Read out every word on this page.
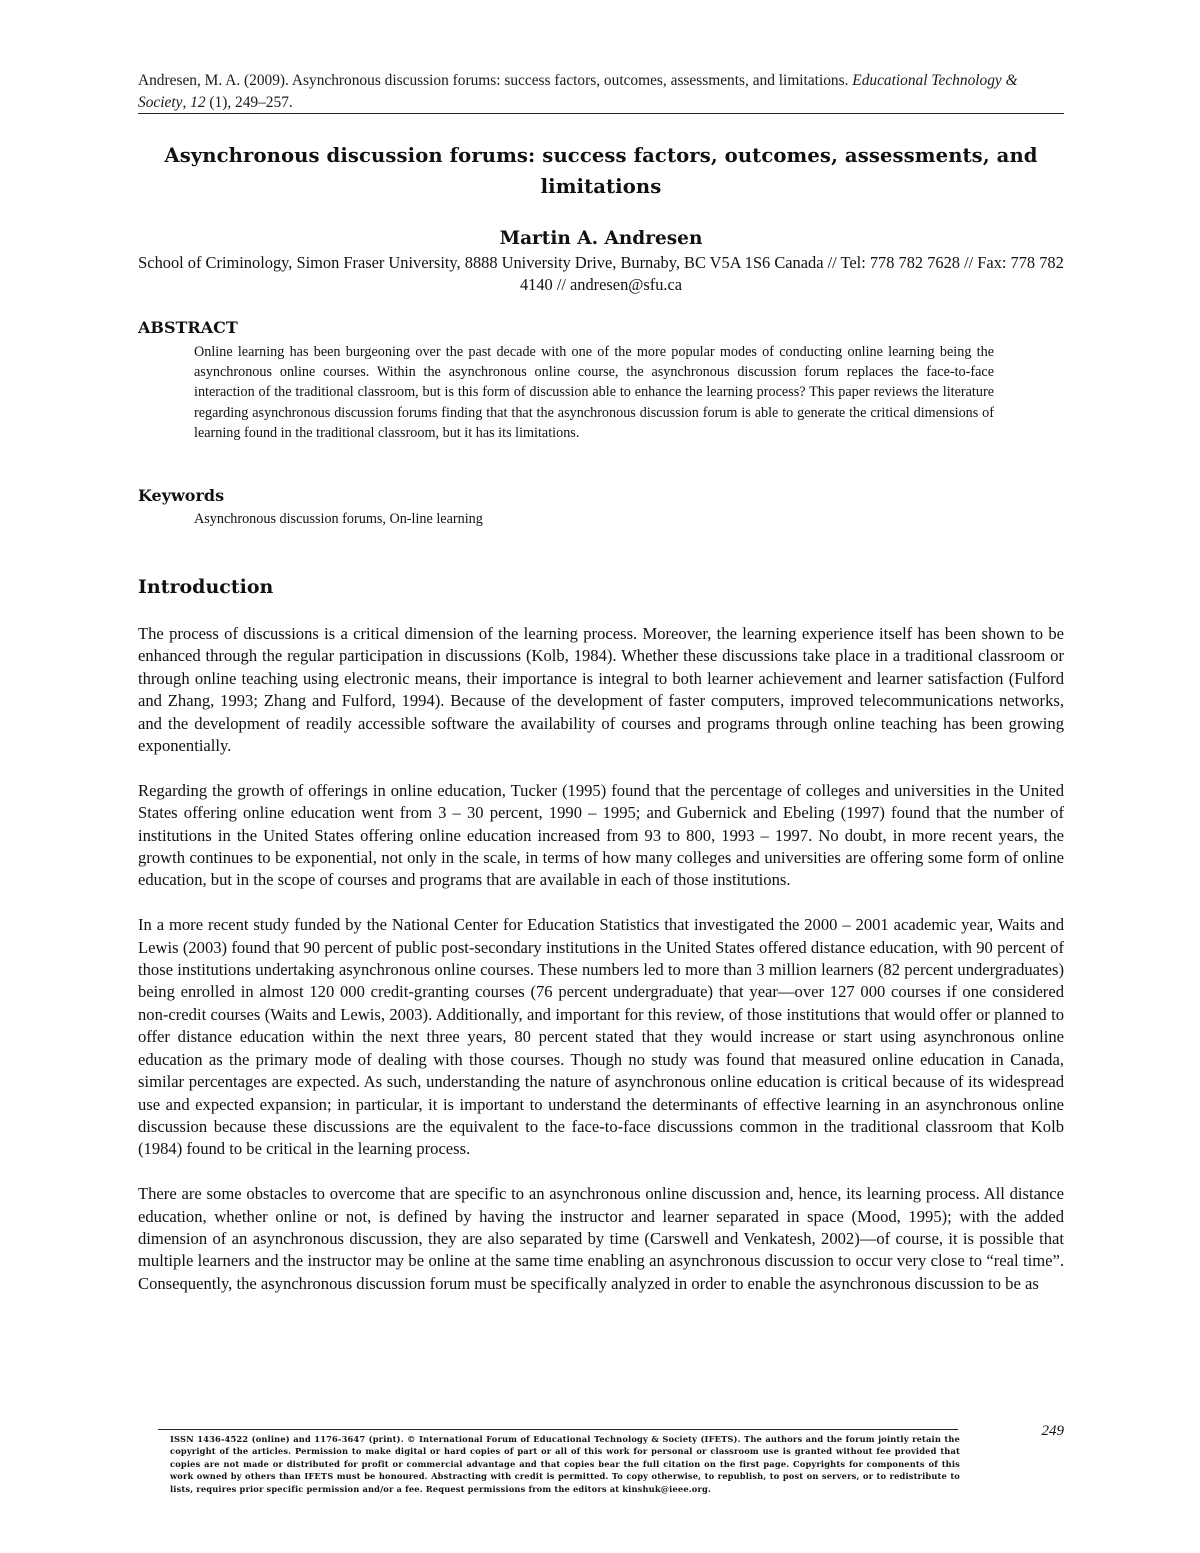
Andresen, M. A. (2009). Asynchronous discussion forums: success factors, outcomes, assessments, and limitations. Educational Technology & Society, 12 (1), 249–257.
Asynchronous discussion forums: success factors, outcomes, assessments, and limitations
Martin A. Andresen
School of Criminology, Simon Fraser University, 8888 University Drive, Burnaby, BC V5A 1S6 Canada // Tel: 778 782 7628 // Fax: 778 782 4140 // andresen@sfu.ca
ABSTRACT
Online learning has been burgeoning over the past decade with one of the more popular modes of conducting online learning being the asynchronous online courses. Within the asynchronous online course, the asynchronous discussion forum replaces the face-to-face interaction of the traditional classroom, but is this form of discussion able to enhance the learning process? This paper reviews the literature regarding asynchronous discussion forums finding that that the asynchronous discussion forum is able to generate the critical dimensions of learning found in the traditional classroom, but it has its limitations.
Keywords
Asynchronous discussion forums, On-line learning
Introduction

The process of discussions is a critical dimension of the learning process. Moreover, the learning experience itself has been shown to be enhanced through the regular participation in discussions (Kolb, 1984). Whether these discussions take place in a traditional classroom or through online teaching using electronic means, their importance is integral to both learner achievement and learner satisfaction (Fulford and Zhang, 1993; Zhang and Fulford, 1994). Because of the development of faster computers, improved telecommunications networks, and the development of readily accessible software the availability of courses and programs through online teaching has been growing exponentially.

Regarding the growth of offerings in online education, Tucker (1995) found that the percentage of colleges and universities in the United States offering online education went from 3 – 30 percent, 1990 – 1995; and Gubernick and Ebeling (1997) found that the number of institutions in the United States offering online education increased from 93 to 800, 1993 – 1997. No doubt, in more recent years, the growth continues to be exponential, not only in the scale, in terms of how many colleges and universities are offering some form of online education, but in the scope of courses and programs that are available in each of those institutions.

In a more recent study funded by the National Center for Education Statistics that investigated the 2000 – 2001 academic year, Waits and Lewis (2003) found that 90 percent of public post-secondary institutions in the United States offered distance education, with 90 percent of those institutions undertaking asynchronous online courses. These numbers led to more than 3 million learners (82 percent undergraduates) being enrolled in almost 120 000 credit-granting courses (76 percent undergraduate) that year—over 127 000 courses if one considered non-credit courses (Waits and Lewis, 2003). Additionally, and important for this review, of those institutions that would offer or planned to offer distance education within the next three years, 80 percent stated that they would increase or start using asynchronous online education as the primary mode of dealing with those courses. Though no study was found that measured online education in Canada, similar percentages are expected. As such, understanding the nature of asynchronous online education is critical because of its widespread use and expected expansion; in particular, it is important to understand the determinants of effective learning in an asynchronous online discussion because these discussions are the equivalent to the face-to-face discussions common in the traditional classroom that Kolb (1984) found to be critical in the learning process.

There are some obstacles to overcome that are specific to an asynchronous online discussion and, hence, its learning process. All distance education, whether online or not, is defined by having the instructor and learner separated in space (Mood, 1995); with the added dimension of an asynchronous discussion, they are also separated by time (Carswell and Venkatesh, 2002)—of course, it is possible that multiple learners and the instructor may be online at the same time enabling an asynchronous discussion to occur very close to “real time”. Consequently, the asynchronous discussion forum must be specifically analyzed in order to enable the asynchronous discussion to be as

249
ISSN 1436-4522 (online) and 1176-3647 (print). © International Forum of Educational Technology & Society (IFETS). The authors and the forum jointly retain the copyright of the articles. Permission to make digital or hard copies of part or all of this work for personal or classroom use is granted without fee provided that copies are not made or distributed for profit or commercial advantage and that copies bear the full citation on the first page. Copyrights for components of this work owned by others than IFETS must be honoured. Abstracting with credit is permitted. To copy otherwise, to republish, to post on servers, or to redistribute to lists, requires prior specific permission and/or a fee. Request permissions from the editors at kinshuk@ieee.org.
